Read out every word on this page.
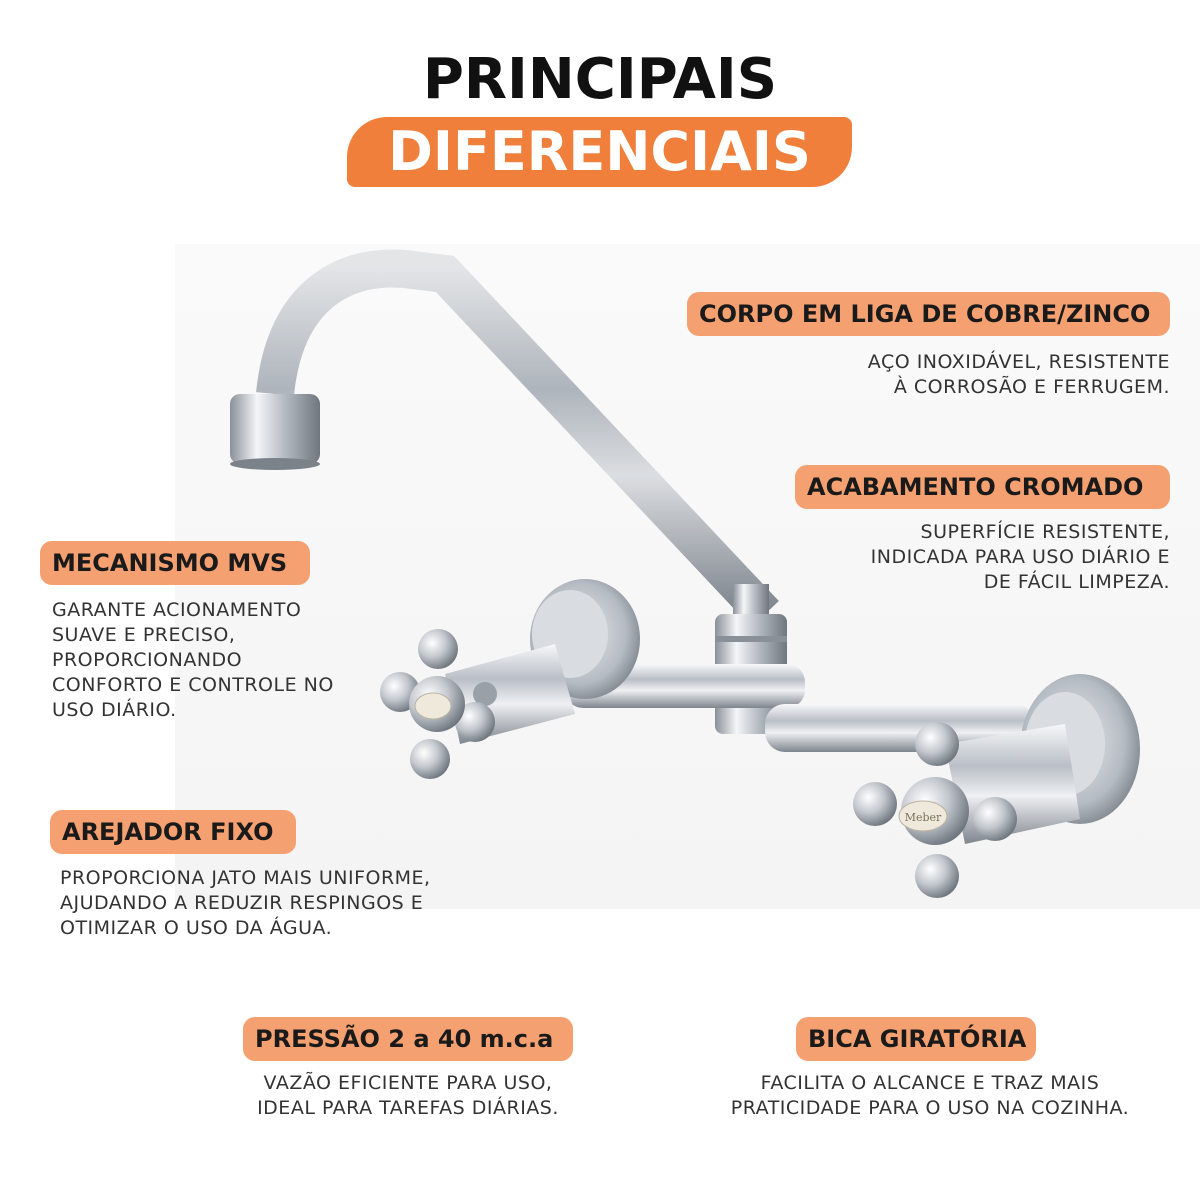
PRINCIPAIS
DIFERENCIAIS
Meber
CORPO EM LIGA DE COBRE/ZINCO
AÇO INOXIDÁVEL, RESISTENTE
À CORROSÃO E FERRUGEM.
ACABAMENTO CROMADO
SUPERFÍCIE RESISTENTE,
INDICADA PARA USO DIÁRIO E
DE FÁCIL LIMPEZA.
MECANISMO MVS
GARANTE ACIONAMENTO
SUAVE E PRECISO,
PROPORCIONANDO
CONFORTO E CONTROLE NO
USO DIÁRIO.
AREJADOR FIXO
PROPORCIONA JATO MAIS UNIFORME,
AJUDANDO A REDUZIR RESPINGOS E
OTIMIZAR O USO DA ÁGUA.
PRESSÃO 2 a 40 m.c.a
VAZÃO EFICIENTE PARA USO,
IDEAL PARA TAREFAS DIÁRIAS.
BICA GIRATÓRIA
FACILITA O ALCANCE E TRAZ MAIS
PRATICIDADE PARA O USO NA COZINHA.
